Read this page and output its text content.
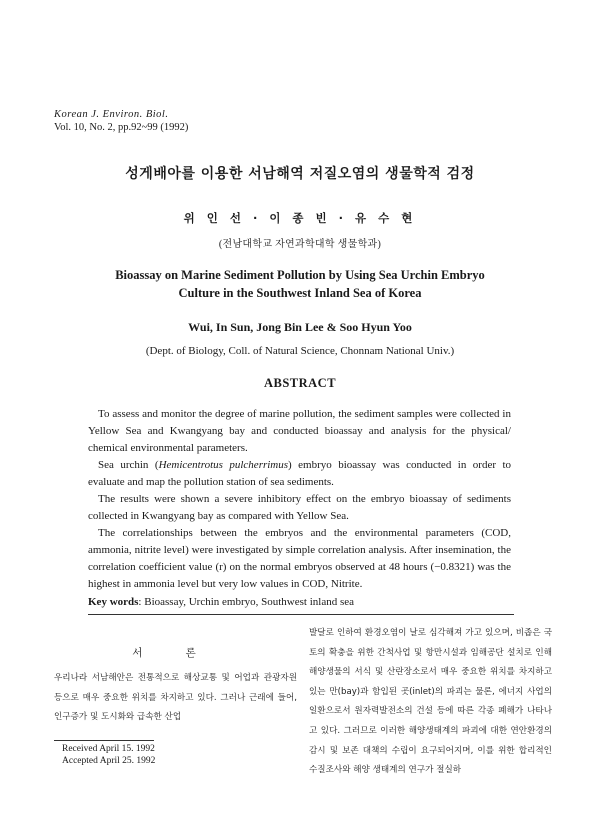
Korean J. Environ. Biol.
Vol. 10, No. 2, pp.92~99 (1992)
성게배아를 이용한 서남해역 저질오염의 생물학적 검정
위 인 선 · 이 종 빈 · 유 수 현
(전남대학교 자연과학대학 생물학과)
Bioassay on Marine Sediment Pollution by Using Sea Urchin Embryo
Culture in the Southwest Inland Sea of Korea
Wui, In Sun, Jong Bin Lee & Soo Hyun Yoo
(Dept. of Biology, Coll. of Natural Science, Chonnam National Univ.)
ABSTRACT

To assess and monitor the degree of marine pollution, the sediment samples were collected in Yellow Sea and Kwangyang bay and conducted bioassay and analysis for the physical/ chemical environmental parameters.

Sea urchin (Hemicentrotus pulcherrimus) embryo bioassay was conducted in order to evaluate and map the pollution station of sea sediments.

The results were shown a severe inhibitory effect on the embryo bioassay of sediments collected in Kwangyang bay as compared with Yellow Sea.

The correlationships between the embryos and the environmental parameters (COD, ammonia, nitrite level) were investigated by simple correlation analysis. After insemination, the correlation coefficient value (r) on the normal embryos observed at 48 hours (−0.8321) was the highest in ammonia level but very low values in COD, Nitrite.

Key words: Bioassay, Urchin embryo, Southwest inland sea
서 론

우리나라 서남해안은 전통적으로 해상교통 및 어업과 관광자원 등으로 매우 중요한 위치를 차지하고 있다. 그러나 근래에 들어, 인구증가 및 도시화와 급속한 산업

발달로 인하여 환경오염이 날로 심각해져 가고 있으며, 비좁은 국토의 확충을 위한 간척사업 및 항만시설과 임해공단 설치로 인해 해양생물의 서식 및 산란장소로서 매우 중요한 위치를 차지하고 있는 만(bay)과 함입된 곳(inlet)의 파괴는 물론, 에너지 사업의 일환으로서 원자력발전소의 건설 등에 따른 각종 폐해가 나타나고 있다. 그러므로 이러한 해양생태계의 파괴에 대한 연안환경의 감시 및 보존 대책의 수립이 요구되어지며, 이를 위한 합리적인 수질조사와 해양 생태계의 연구가 절실하

Received April 15. 1992
Accepted April 25. 1992
